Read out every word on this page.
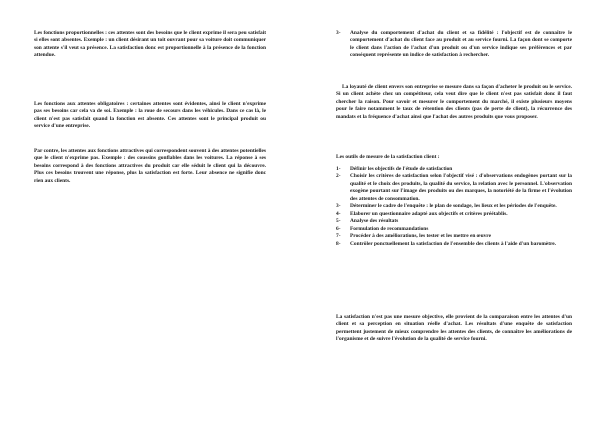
Les fonctions proportionnelles : ces attentes sont des besoins que le client exprime il sera peu satisfait si elles sont absentes. Exemple : un client désirant un toit ouvrant pour sa voiture doit communiquer son attente s'il veut sa présence. La satisfaction donc est proportionnelle à la présence de la fonction attendue.

Les fonctions aux attentes obligatoires : certaines attentes sont évidentes, ainsi le client n'exprime pas ses besoins car cela va de soi. Exemple : la roue de secours dans les véhicules. Dans ce cas là, le client n'est pas satisfait quand la fonction est absente. Ces attentes sont le principal produit ou service d'une entreprise.

Par contre, les attentes aux fonctions attractives qui correspondent souvent à des attentes potentielles que le client n'exprime pas. Exemple : des coussins gonflables dans les voitures. La réponse à ses besoins correspond à des fonctions attractives du produit car elle séduit le client qui la découvre. Plus ces besoins trouvent une réponse, plus la satisfaction est forte. Leur absence ne signifie donc rien aux clients.

3-	Analyse du comportement d'achat du client et sa fidélité : l'objectif est de connaître le comportement d'achat du client face au produit et au service fourni. La façon dont se comporte le client dans l'action de l'achat d'un produit ou d'un service indique ses préférences et par conséquent représente un indice de satisfaction à rechercher.

La loyauté de client envers son entreprise se mesure dans sa façon d'acheter le produit ou le service. Si un client achète chez un compétiteur, cela veut dire que le client n'est pas satisfait donc il faut chercher la raison. Pour savoir et mesurer le comportement du marché, il existe plusieurs moyens pour le faire notamment le taux de rétention des clients (pas de perte de client), la récurrence des mandats et la fréquence d'achat ainsi que l'achat des autres produits que vous proposer.

Les outils de mesure de la satisfaction client :

1-	Définir les objectifs de l'étude de satisfaction
2-	Choisir les critères de satisfaction selon l'objectif visé : d'observations endogènes portant sur la qualité et le choix des produits, la qualité du service, la relation avec le personnel. L'observation exogène pourtant sur l'image des produits ou des marques, la notoriété de la firme et l'évolution des attentes de consommation.
3-	Déterminer le cadre de l'enquête : le plan de sondage, les lieux et les périodes de l'enquête.
4-	Elaborer un questionnaire adapté aux objectifs et critères préétablis.
5-	Analyse des résultats
6-	Formulation de recommandations
7-	Procéder à des améliorations, les tester et les mettre en œuvre
8-	Contrôler ponctuellement la satisfaction de l'ensemble des clients à l'aide d'un baromètre.

La satisfaction n'est pas une mesure objective, elle provient de la comparaison entre les attentes d'un client et sa perception en situation réelle d'achat. Les résultats d'une enquête de satisfaction permettent justement de mieux comprendre les attentes des clients, de connaître les améliorations de l'organisme et de suivre l'évolution de la qualité de service fourni.
